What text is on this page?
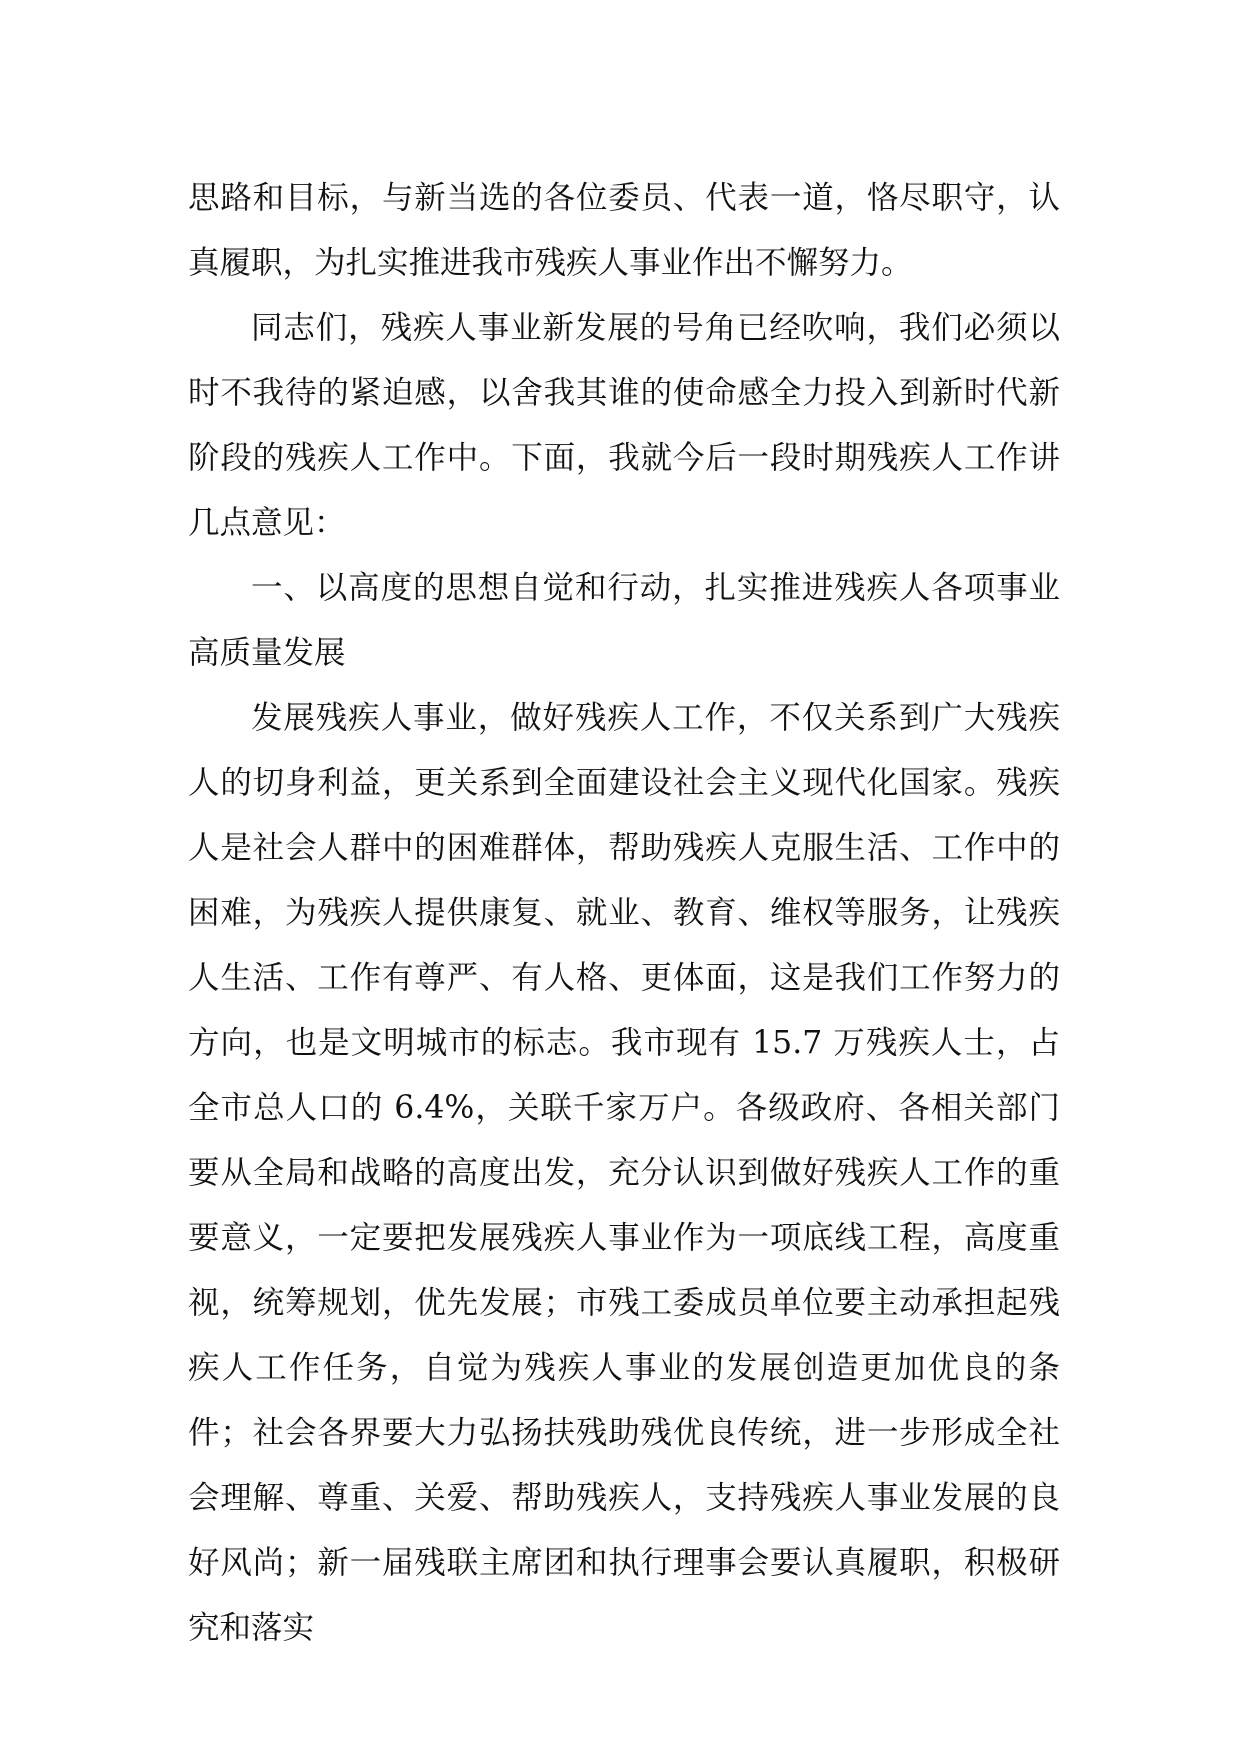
思路和目标，与新当选的各位委员、代表一道，恪尽职守，认真履职，为扎实推进我市残疾人事业作出不懈努力。

同志们，残疾人事业新发展的号角已经吹响，我们必须以时不我待的紧迫感，以舍我其谁的使命感全力投入到新时代新阶段的残疾人工作中。下面，我就今后一段时期残疾人工作讲几点意见：

一、以高度的思想自觉和行动，扎实推进残疾人各项事业高质量发展

发展残疾人事业，做好残疾人工作，不仅关系到广大残疾人的切身利益，更关系到全面建设社会主义现代化国家。残疾人是社会人群中的困难群体，帮助残疾人克服生活、工作中的困难，为残疾人提供康复、就业、教育、维权等服务，让残疾人生活、工作有尊严、有人格、更体面，这是我们工作努力的方向，也是文明城市的标志。我市现有 15.7 万残疾人士，占全市总人口的 6.4%，关联千家万户。各级政府、各相关部门要从全局和战略的高度出发，充分认识到做好残疾人工作的重要意义，一定要把发展残疾人事业作为一项底线工程，高度重视，统筹规划，优先发展；市残工委成员单位要主动承担起残疾人工作任务，自觉为残疾人事业的发展创造更加优良的条件；社会各界要大力弘扬扶残助残优良传统，进一步形成全社会理解、尊重、关爱、帮助残疾人，支持残疾人事业发展的良好风尚；新一届残联主席团和执行理事会要认真履职，积极研究和落实
